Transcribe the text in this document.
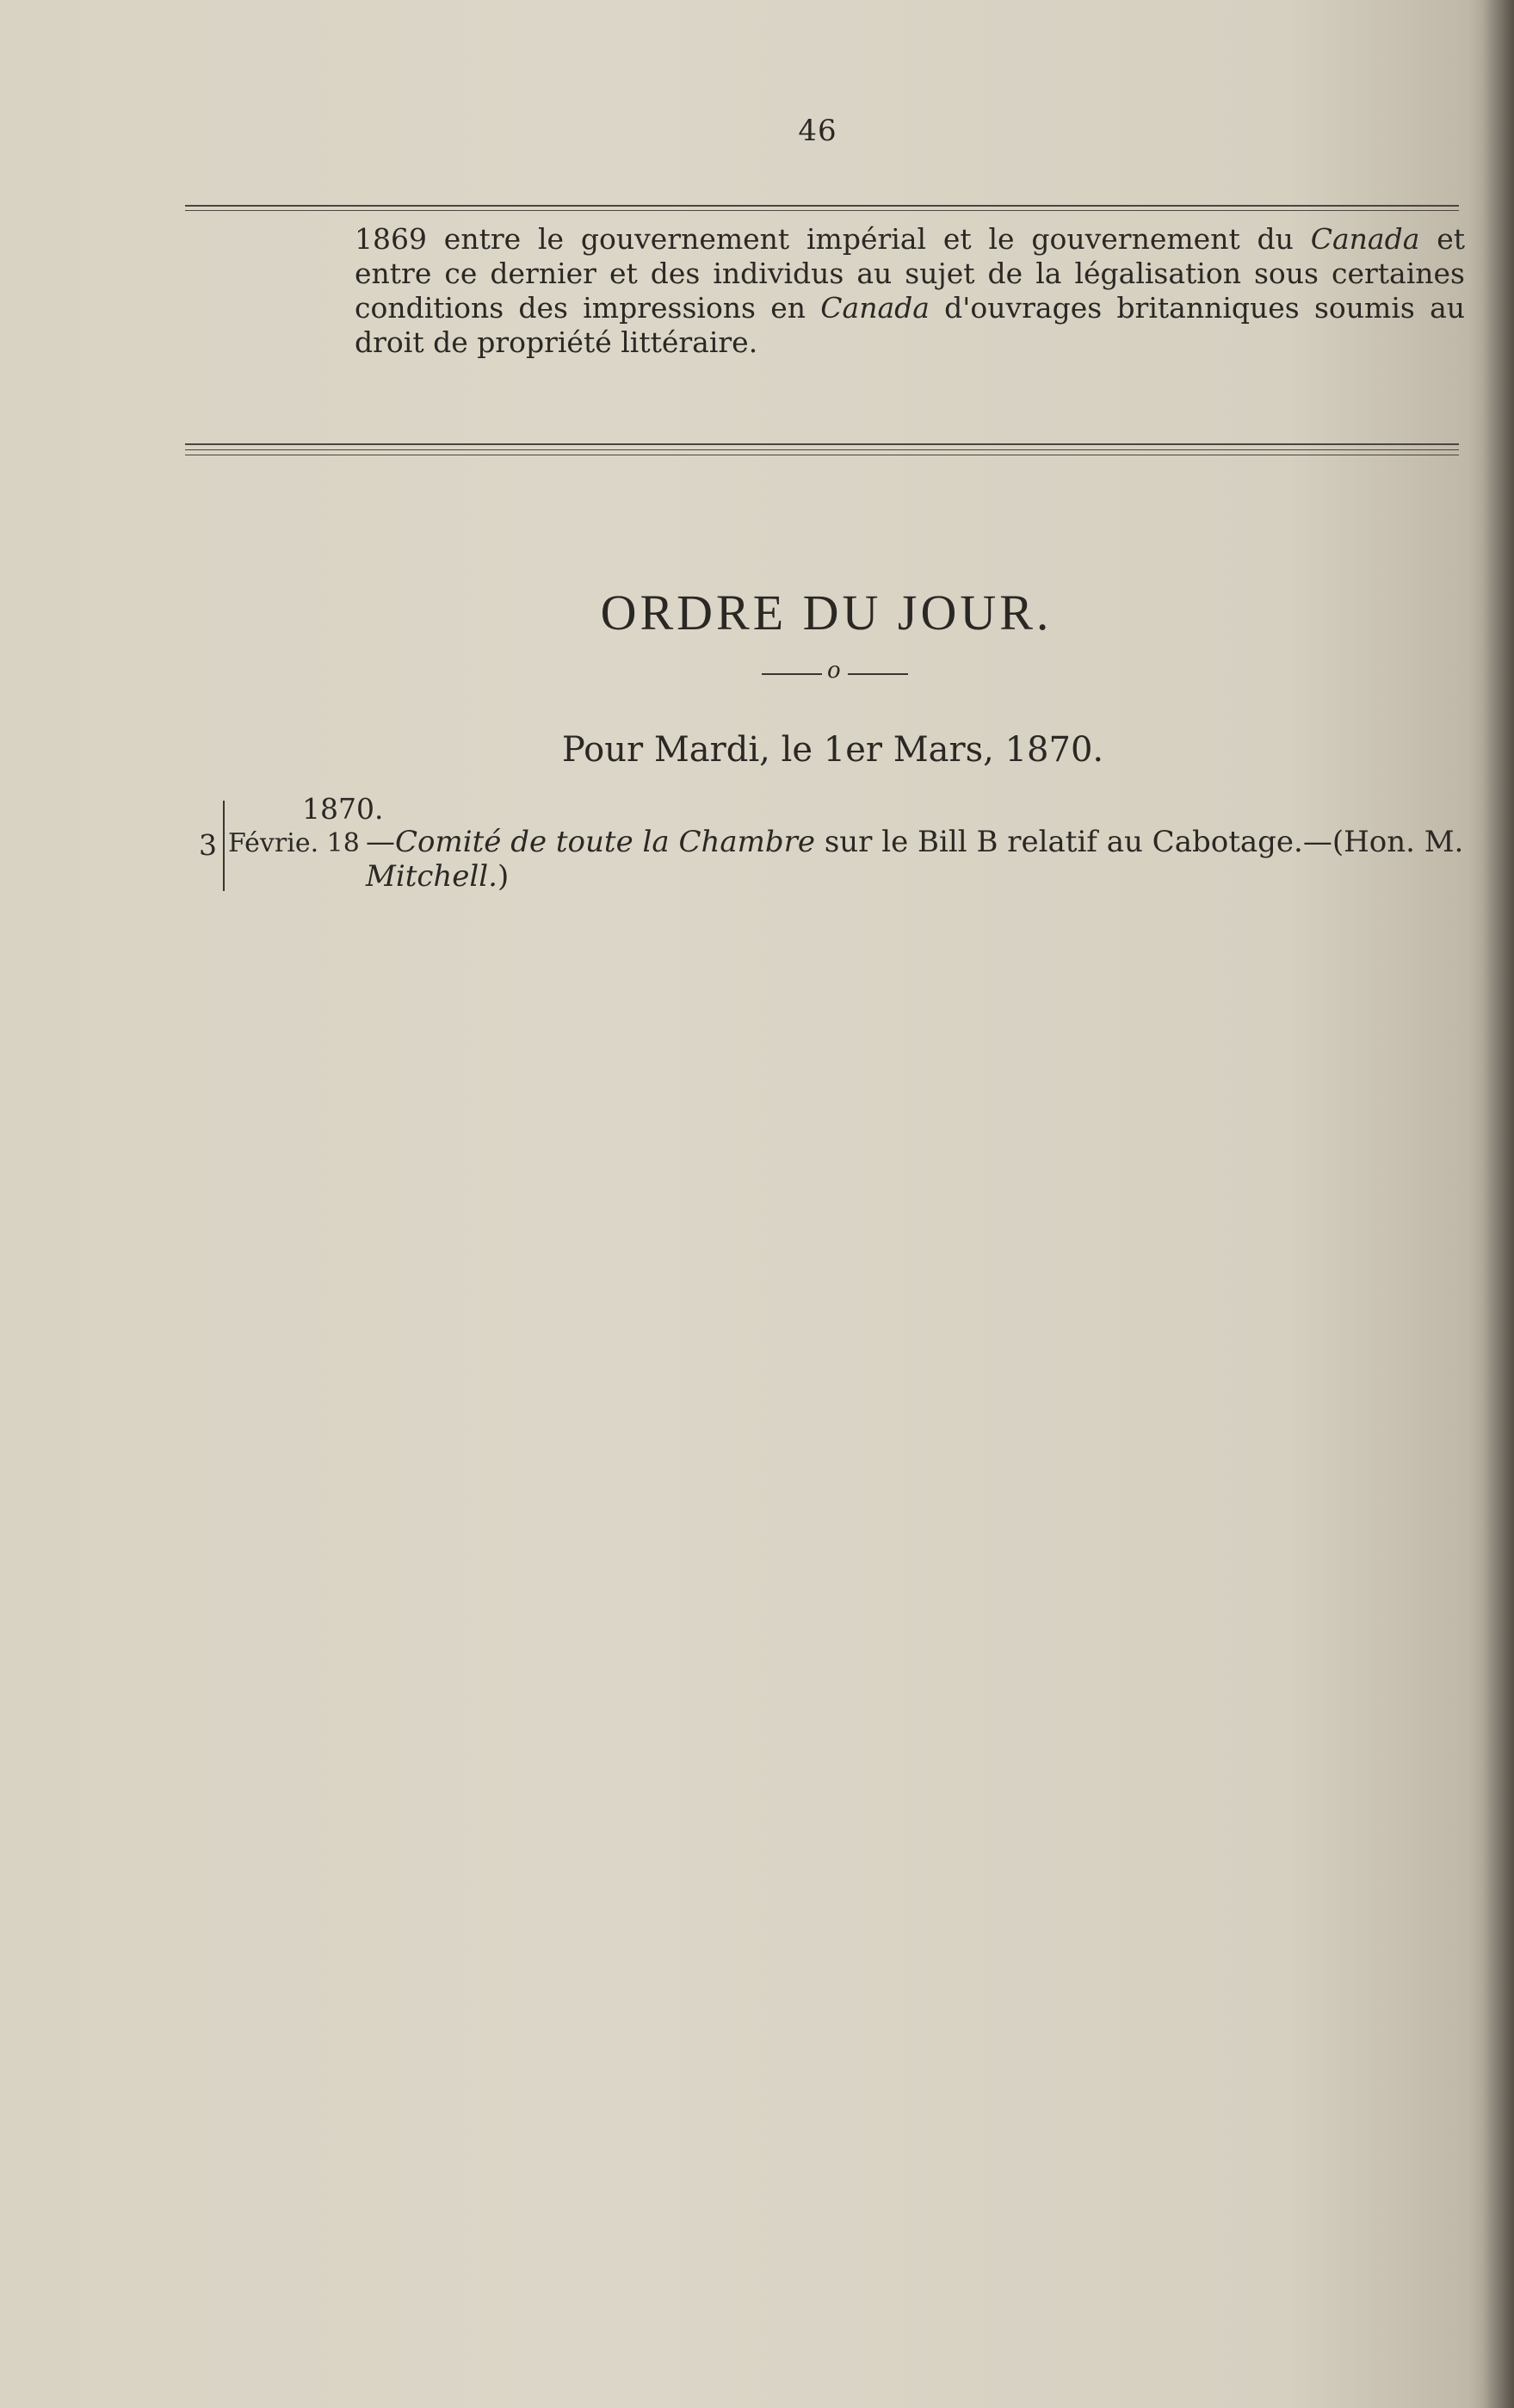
46
1869 entre le gouvernement impérial et le gouvernement du Canada et entre ce dernier et des individus au sujet de la légalisation sous certaines conditions des impressions en Canada d'ouvrages britanniques soumis au droit de propriété littéraire.
ORDRE DU JOUR.
o
Pour Mardi, le 1er Mars, 1870.
3
1870.
Févrie. 18 —Comité de toute la Chambre sur le Bill B relatif au Cabotage.—(Hon. M. Mitchell.)
